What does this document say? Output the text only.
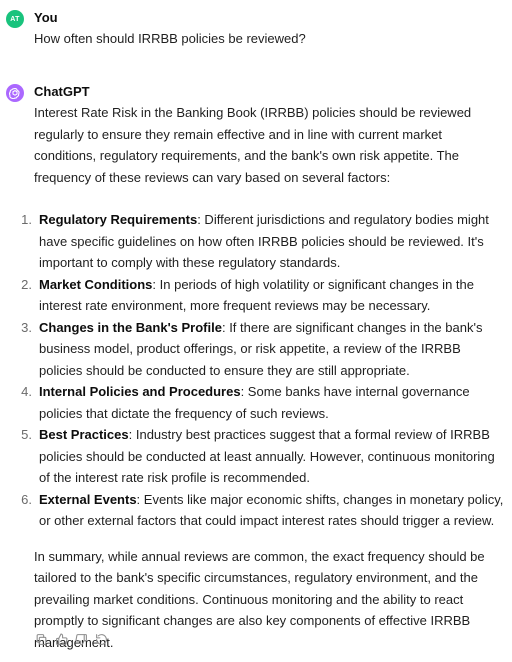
AT You

How often should IRRBB policies be reviewed?

ChatGPT

Interest Rate Risk in the Banking Book (IRRBB) policies should be reviewed regularly to ensure they remain effective and in line with current market conditions, regulatory requirements, and the bank's own risk appetite. The frequency of these reviews can vary based on several factors:

1. Regulatory Requirements: Different jurisdictions and regulatory bodies might have specific guidelines on how often IRRBB policies should be reviewed. It's important to comply with these regulatory standards.
2. Market Conditions: In periods of high volatility or significant changes in the interest rate environment, more frequent reviews may be necessary.
3. Changes in the Bank's Profile: If there are significant changes in the bank's business model, product offerings, or risk appetite, a review of the IRRBB policies should be conducted to ensure they are still appropriate.
4. Internal Policies and Procedures: Some banks have internal governance policies that dictate the frequency of such reviews.
5. Best Practices: Industry best practices suggest that a formal review of IRRBB policies should be conducted at least annually. However, continuous monitoring of the interest rate risk profile is recommended.
6. External Events: Events like major economic shifts, changes in monetary policy, or other external factors that could impact interest rates should trigger a review.

In summary, while annual reviews are common, the exact frequency should be tailored to the bank's specific circumstances, regulatory environment, and the prevailing market conditions. Continuous monitoring and the ability to react promptly to significant changes are also key components of effective IRRBB management.
